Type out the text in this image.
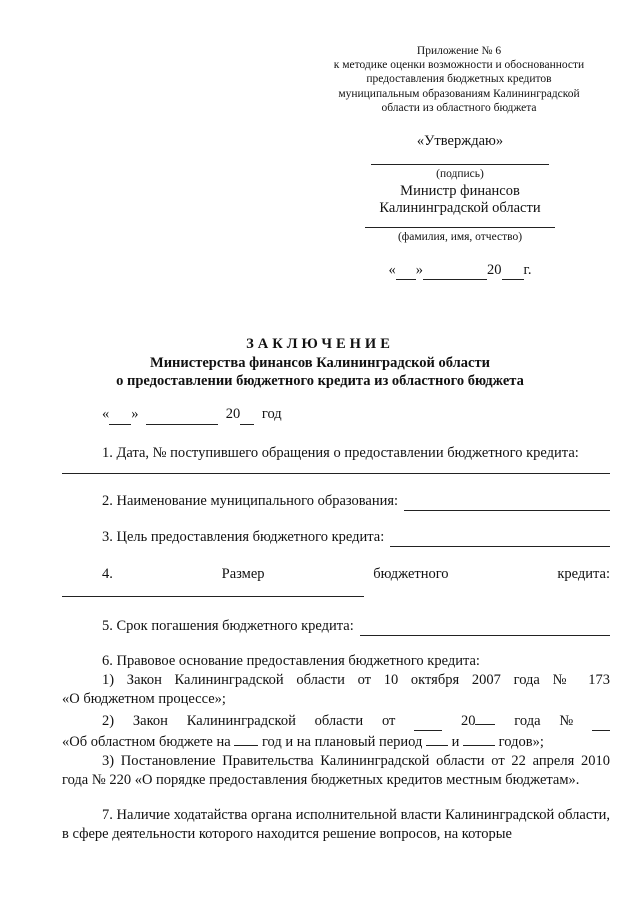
Приложение № 6
к методике оценки возможности и обоснованности
предоставления бюджетных кредитов
муниципальным образованиям Калининградской
области из областного бюджета
«Утверждаю»
(подпись)
Министр финансов
Калининградской области
(фамилия, имя, отчество)
« »	20 г.
ЗАКЛЮЧЕНИЕ
Министерства финансов Калининградской области
о предоставлении бюджетного кредита из областного бюджета
« »	20 год
1. Дата, № поступившего обращения о предоставлении бюджетного кредита:
2. Наименование муниципального образования:
3. Цель предоставления бюджетного кредита:
4.	Размер	бюджетного	кредита:
5. Срок погашения бюджетного кредита:
6. Правовое основание предоставления бюджетного кредита:
1) Закон Калининградской области от 10 октября 2007 года № 173
«О бюджетном процессе»;
2) Закон Калининградской области от	20	года №
«Об областном бюджете на год и на плановый период и	годов»;
3) Постановление Правительства Калининградской области от 22 апреля 2010 года № 220 «О порядке предоставления бюджетных кредитов местным бюджетам».
7. Наличие ходатайства органа исполнительной власти Калининградской области, в сфере деятельности которого находится решение вопросов, на которые
